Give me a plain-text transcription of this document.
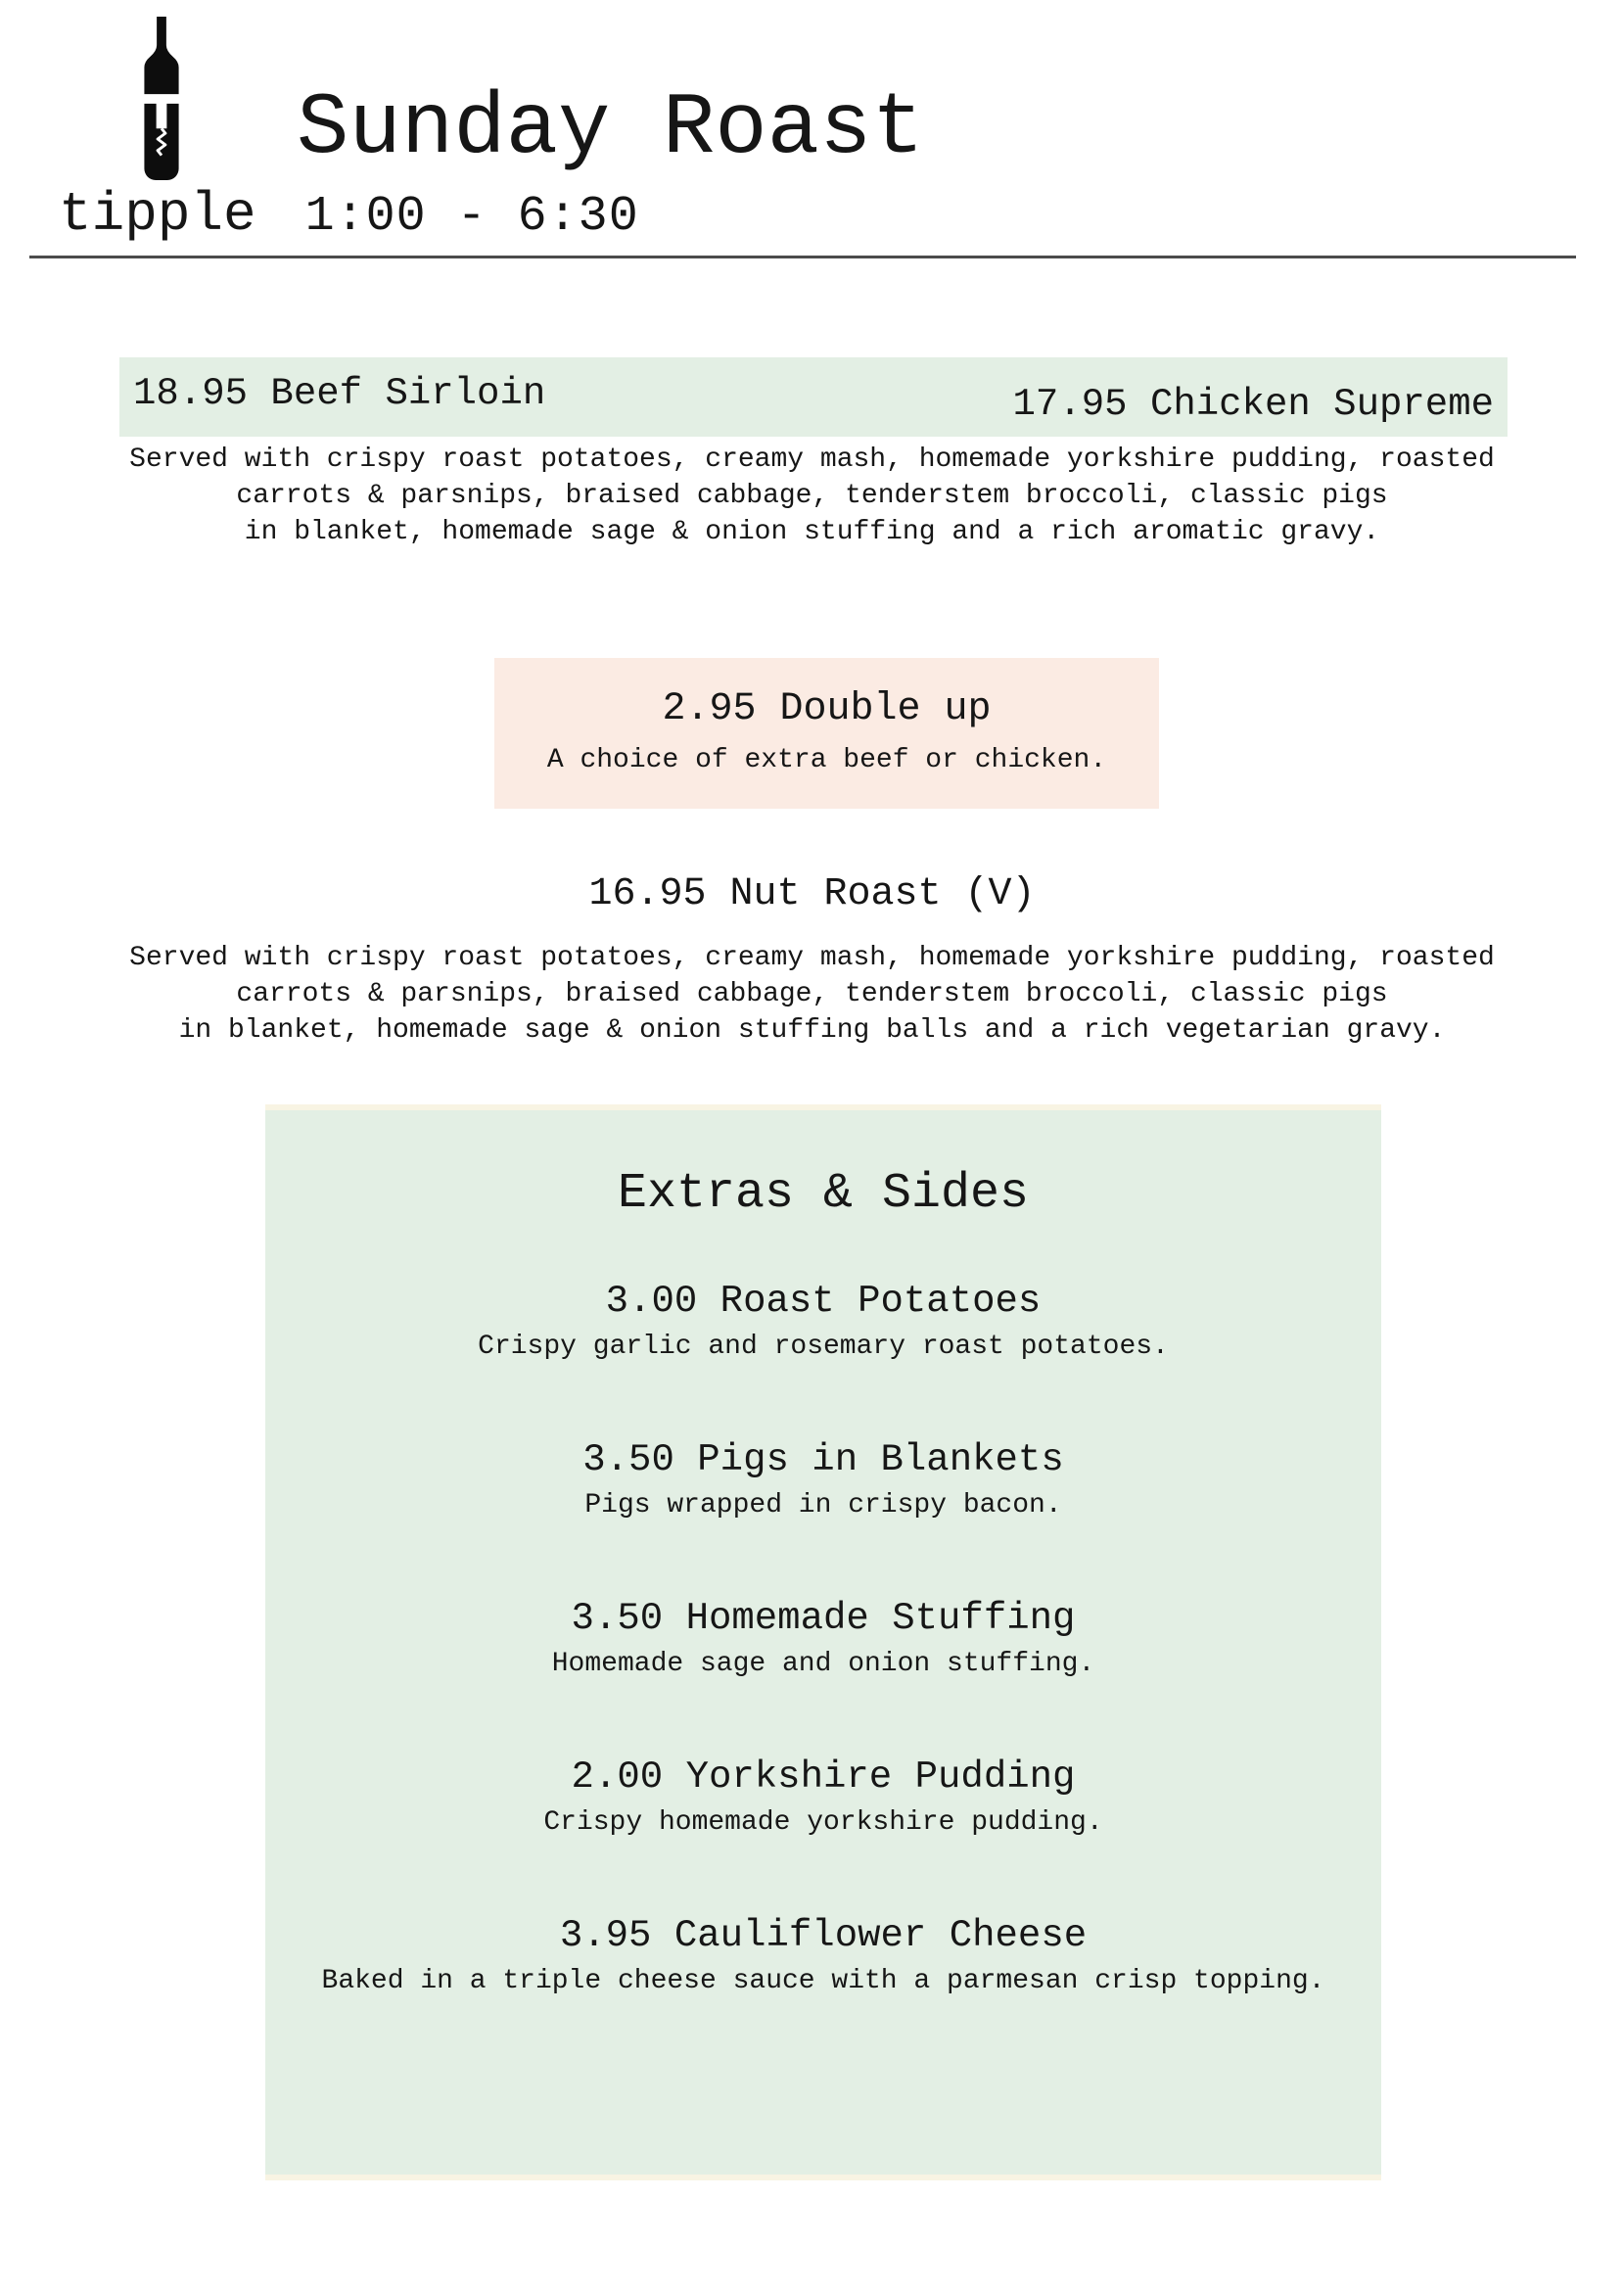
Sunday Roast
tipple 1:00 - 6:30
18.95 Beef Sirloin	17.95 Chicken Supreme
Served with crispy roast potatoes, creamy mash, homemade yorkshire pudding, roasted
carrots & parsnips, braised cabbage, tenderstem broccoli, classic pigs
in blanket, homemade sage & onion stuffing and a rich aromatic gravy.
2.95 Double up
A choice of extra beef or chicken.
16.95 Nut Roast (V)
Served with crispy roast potatoes, creamy mash, homemade yorkshire pudding, roasted
carrots & parsnips, braised cabbage, tenderstem broccoli, classic pigs
in blanket, homemade sage & onion stuffing balls and a rich vegetarian gravy.
Extras & Sides
3.00 Roast Potatoes
Crispy garlic and rosemary roast potatoes.
3.50 Pigs in Blankets
Pigs wrapped in crispy bacon.
3.50 Homemade Stuffing
Homemade sage and onion stuffing.
2.00 Yorkshire Pudding
Crispy homemade yorkshire pudding.
3.95 Cauliflower Cheese
Baked in a triple cheese sauce with a parmesan crisp topping.
